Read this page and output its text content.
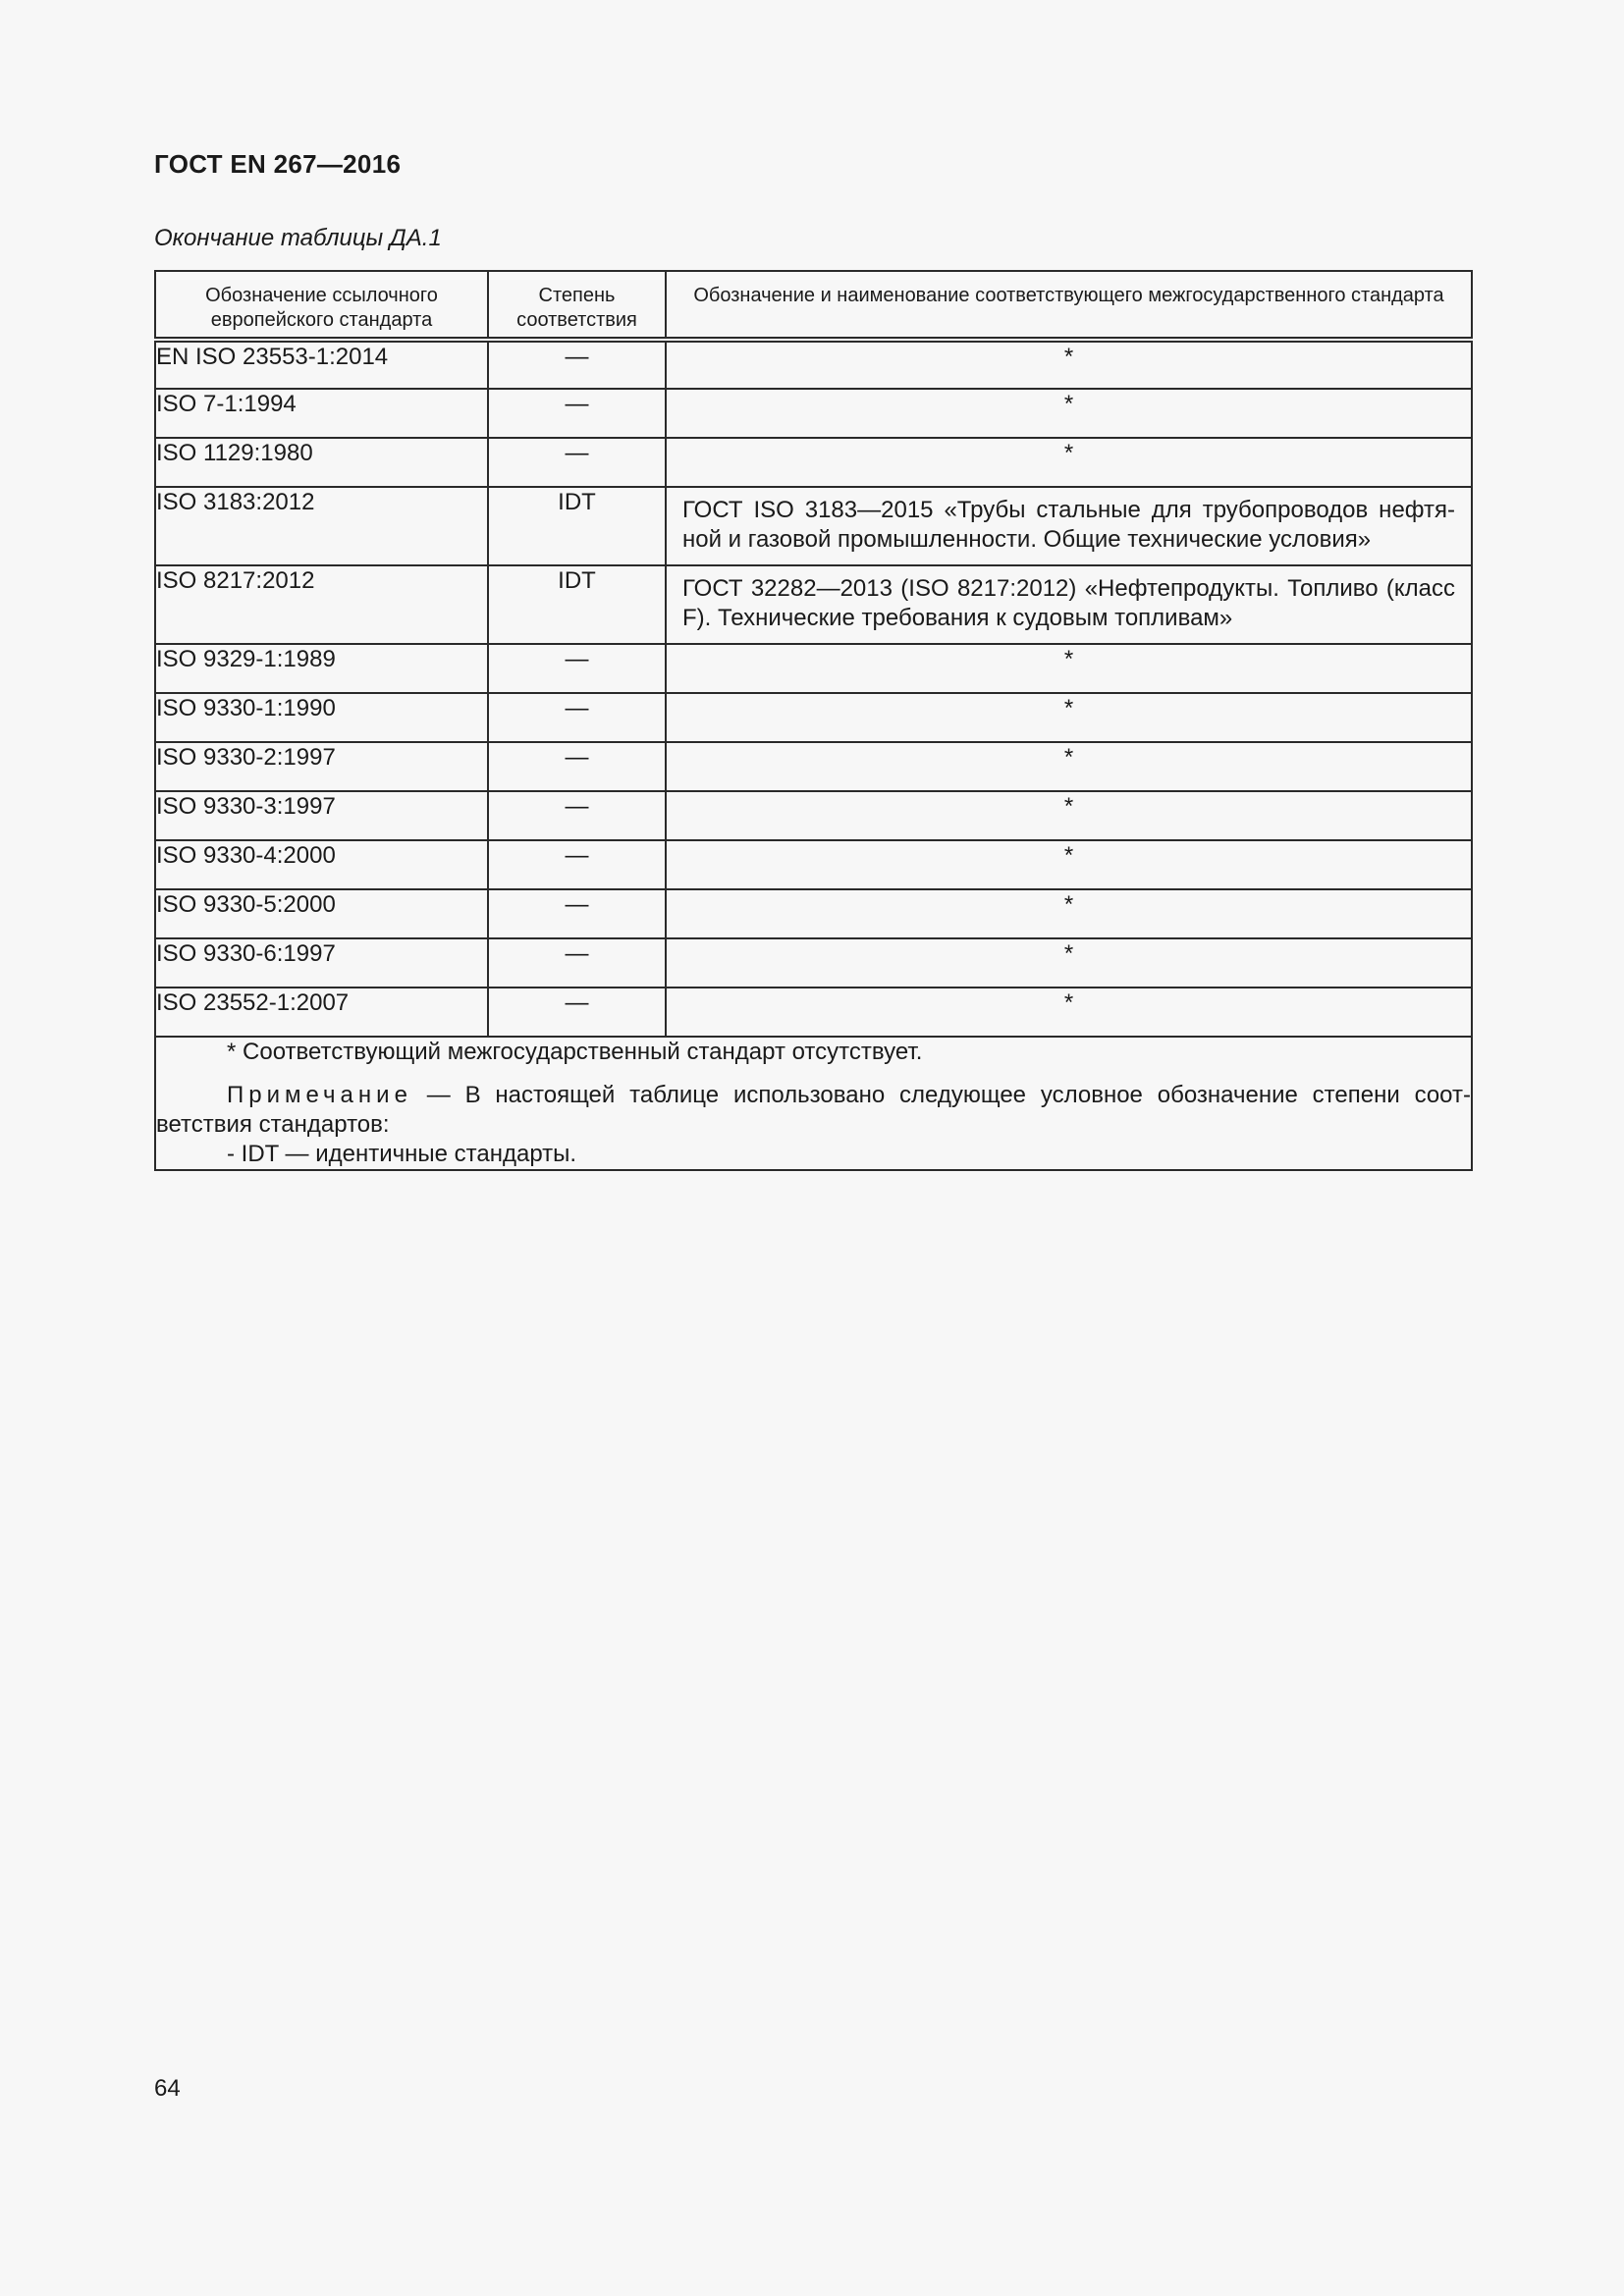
ГОСТ EN 267—2016
Окончание таблицы ДА.1
Обозначение ссылочного европейского стандарта	Степень соответствия	Обозначение и наименование соответствующего межгосударственного стандарта
EN ISO 23553-1:2014	—	*
ISO 7-1:1994	—	*
ISO 1129:1980	—	*
ISO 3183:2012	IDT	ГОСТ ISO 3183—2015 «Трубы стальные для трубопроводов нефтяной и газовой промышленности. Общие технические условия»
ISO 8217:2012	IDT	ГОСТ 32282—2013 (ISO 8217:2012) «Нефтепродукты. Топливо (класс F). Технические требования к судовым топливам»
ISO 9329-1:1989	—	*
ISO 9330-1:1990	—	*
ISO 9330-2:1997	—	*
ISO 9330-3:1997	—	*
ISO 9330-4:2000	—	*
ISO 9330-5:2000	—	*
ISO 9330-6:1997	—	*
ISO 23552-1:2007	—	*

* Соответствующий межгосударственный стандарт отсутствует.
Примечание — В настоящей таблице использовано следующее условное обозначение степени соответствия стандартов:
- IDT — идентичные стандарты.		
64
